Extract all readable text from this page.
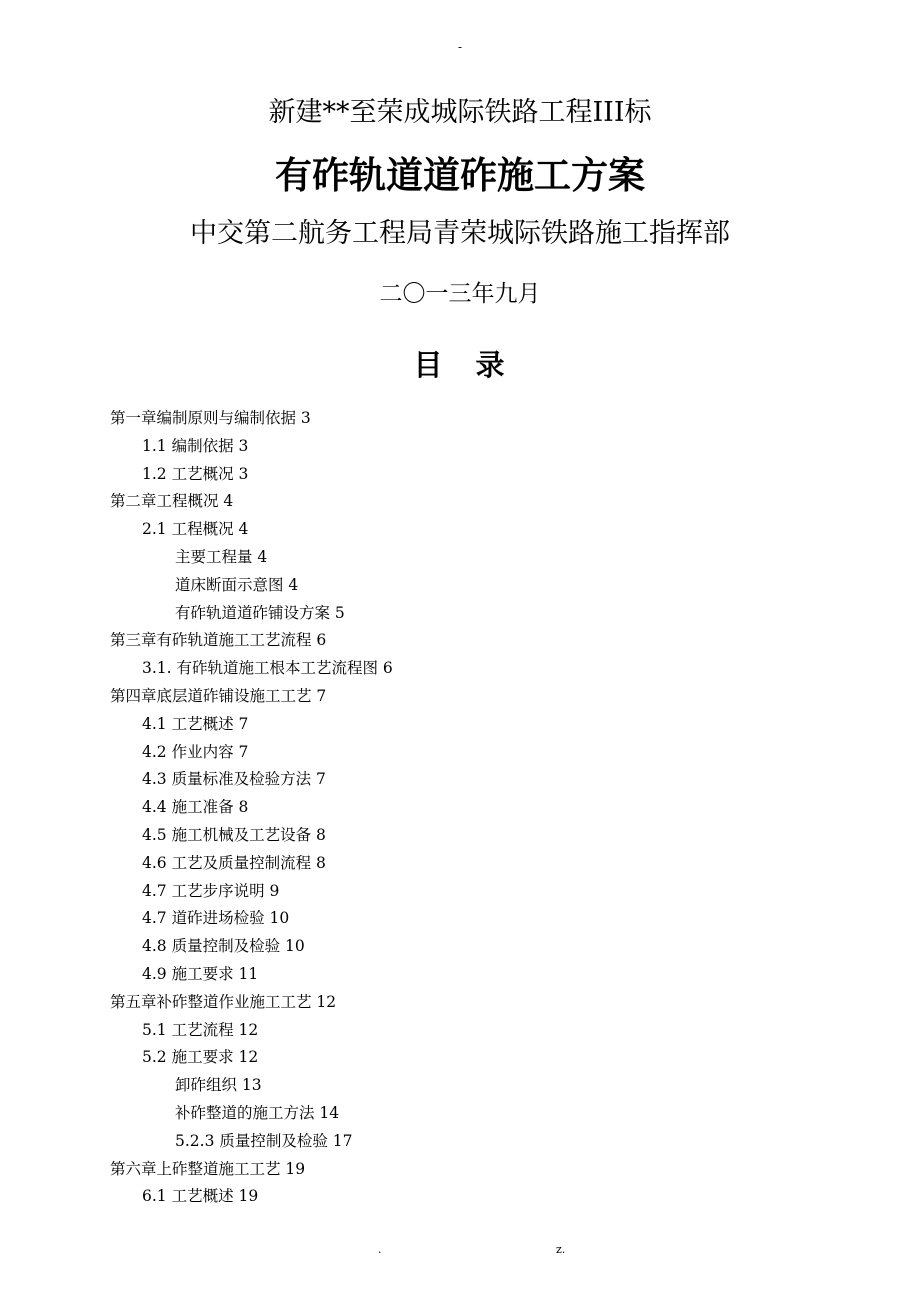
-
新建**至荣成城际铁路工程III标
有砟轨道道砟施工方案
中交第二航务工程局青荣城际铁路施工指挥部
二〇一三年九月
目　录
第一章编制原则与编制依据 3
1.1 编制依据 3
1.2 工艺概况 3
第二章工程概况 4
2.1 工程概况 4
主要工程量 4
道床断面示意图 4
有砟轨道道砟铺设方案 5
第三章有砟轨道施工工艺流程 6
3.1. 有砟轨道施工根本工艺流程图 6
第四章底层道砟铺设施工工艺 7
4.1 工艺概述 7
4.2 作业内容 7
4.3 质量标准及检验方法 7
4.4 施工准备 8
4.5 施工机械及工艺设备 8
4.6 工艺及质量控制流程 8
4.7 工艺步序说明 9
4.7 道砟进场检验 10
4.8 质量控制及检验 10
4.9 施工要求 11
第五章补砟整道作业施工工艺 12
5.1 工艺流程 12
5.2 施工要求 12
卸砟组织 13
补砟整道的施工方法 14
5.2.3 质量控制及检验 17
第六章上砟整道施工工艺 19
6.1 工艺概述 19
.	z.
